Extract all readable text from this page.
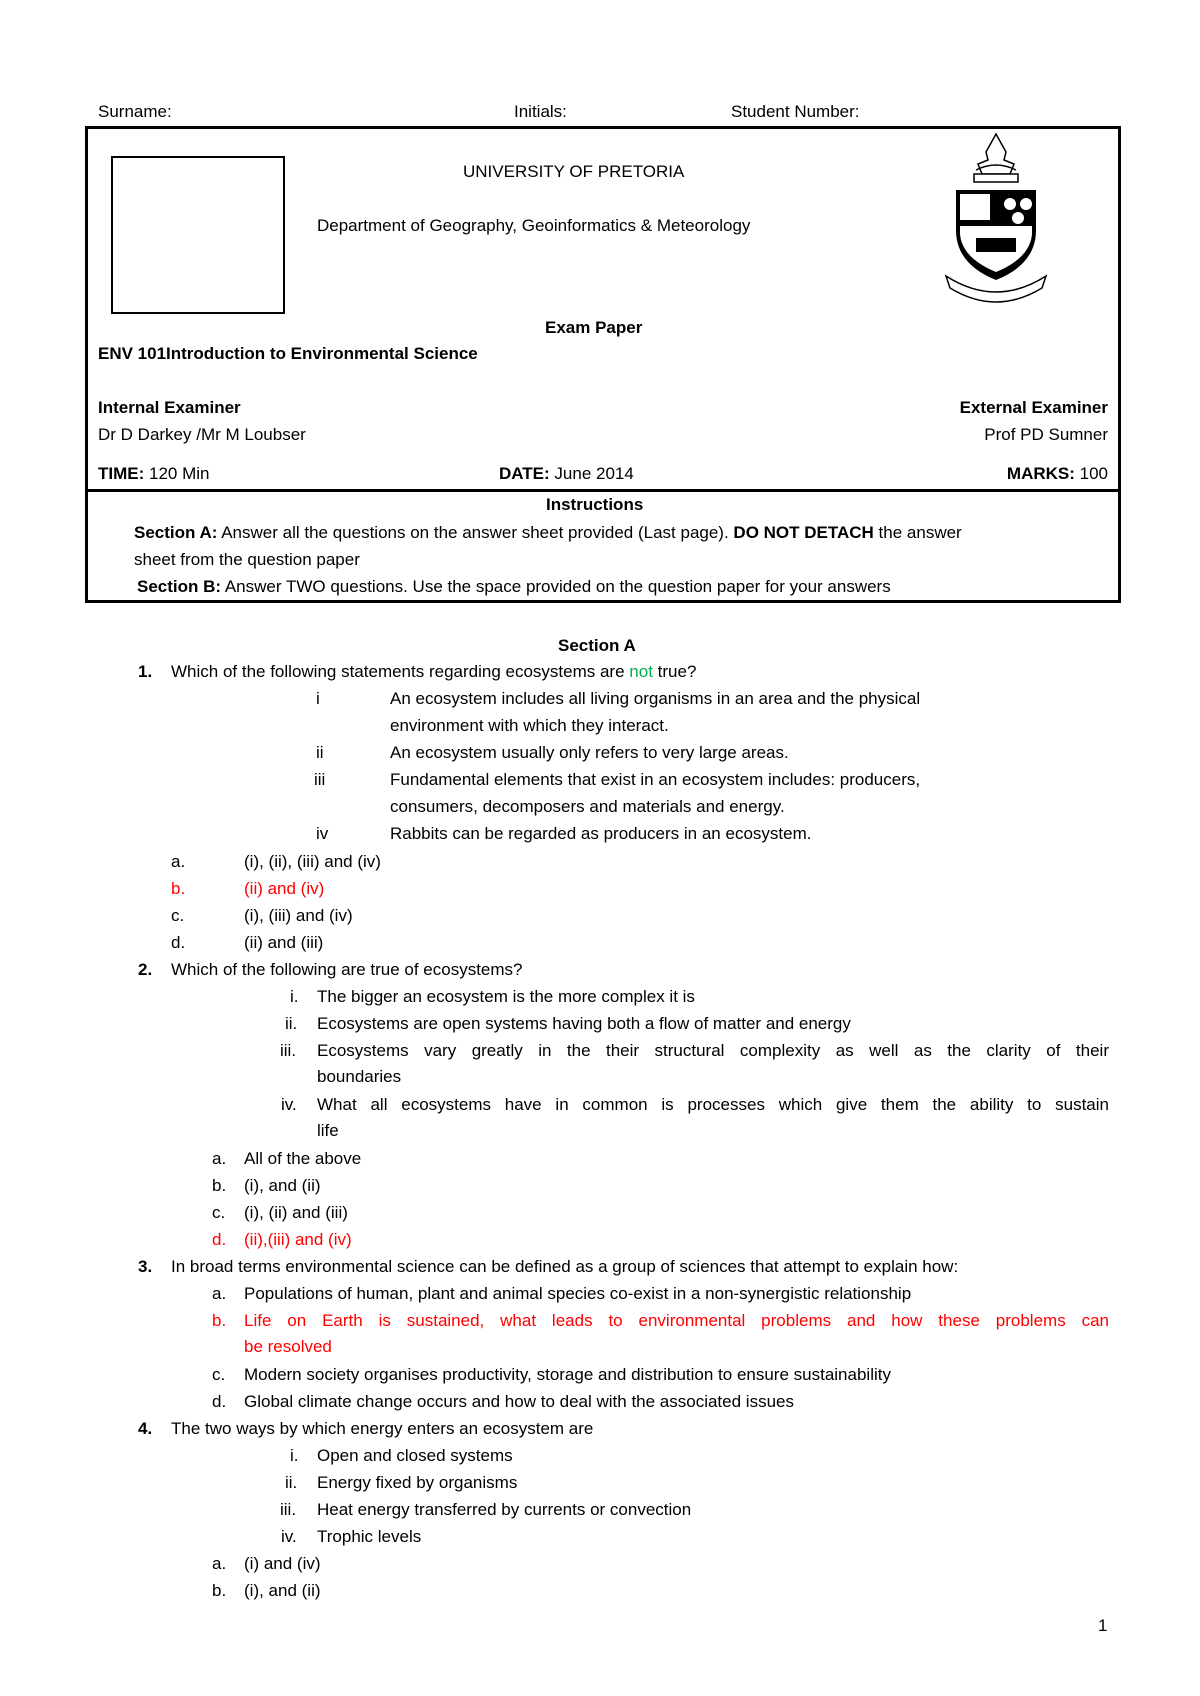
Surname:	Initials:	Student Number:
UNIVERSITY OF PRETORIA
Department of Geography, Geoinformatics & Meteorology
Exam Paper
ENV 101Introduction to Environmental Science
Internal Examiner
Dr D Darkey /Mr M Loubser
External Examiner
Prof PD Sumner
TIME: 120 Min	DATE: June 2014	MARKS: 100
Instructions
Section A: Answer all the questions on the answer sheet provided (Last page). DO NOT DETACH the answer
sheet from the question paper
Section B: Answer TWO questions. Use the space provided on the question paper for your answers
Section A
1. Which of the following statements regarding ecosystems are not true?
i	An ecosystem includes all living organisms in an area and the physical
environment with which they interact.
ii	An ecosystem usually only refers to very large areas.
iii	Fundamental elements that exist in an ecosystem includes: producers,
consumers, decomposers and materials and energy.
iv	Rabbits can be regarded as producers in an ecosystem.
a.	(i), (ii), (iii) and (iv)
b.	(ii) and (iv)
c.	(i), (iii) and (iv)
d.	(ii) and (iii)
2. Which of the following are true of ecosystems?
i. The bigger an ecosystem is the more complex it is
ii. Ecosystems are open systems having both a flow of matter and energy
iii. Ecosystems vary greatly in the their structural complexity as well as the clarity of their
boundaries
iv. What all ecosystems have in common is processes which give them the ability to sustain
life
a. All of the above
b. (i), and (ii)
c. (i), (ii) and (iii)
d. (ii),(iii) and (iv)
3. In broad terms environmental science can be defined as a group of sciences that attempt to explain how:
a. Populations of human, plant and animal species co-exist in a non-synergistic relationship
b. Life on Earth is sustained, what leads to environmental problems and how these problems can
be resolved
c. Modern society organises productivity, storage and distribution to ensure sustainability
d. Global climate change occurs and how to deal with the associated issues
4. The two ways by which energy enters an ecosystem are
i. Open and closed systems
ii. Energy fixed by organisms
iii. Heat energy transferred by currents or convection
iv. Trophic levels
a. (i) and (iv)
b. (i), and (ii)
1
